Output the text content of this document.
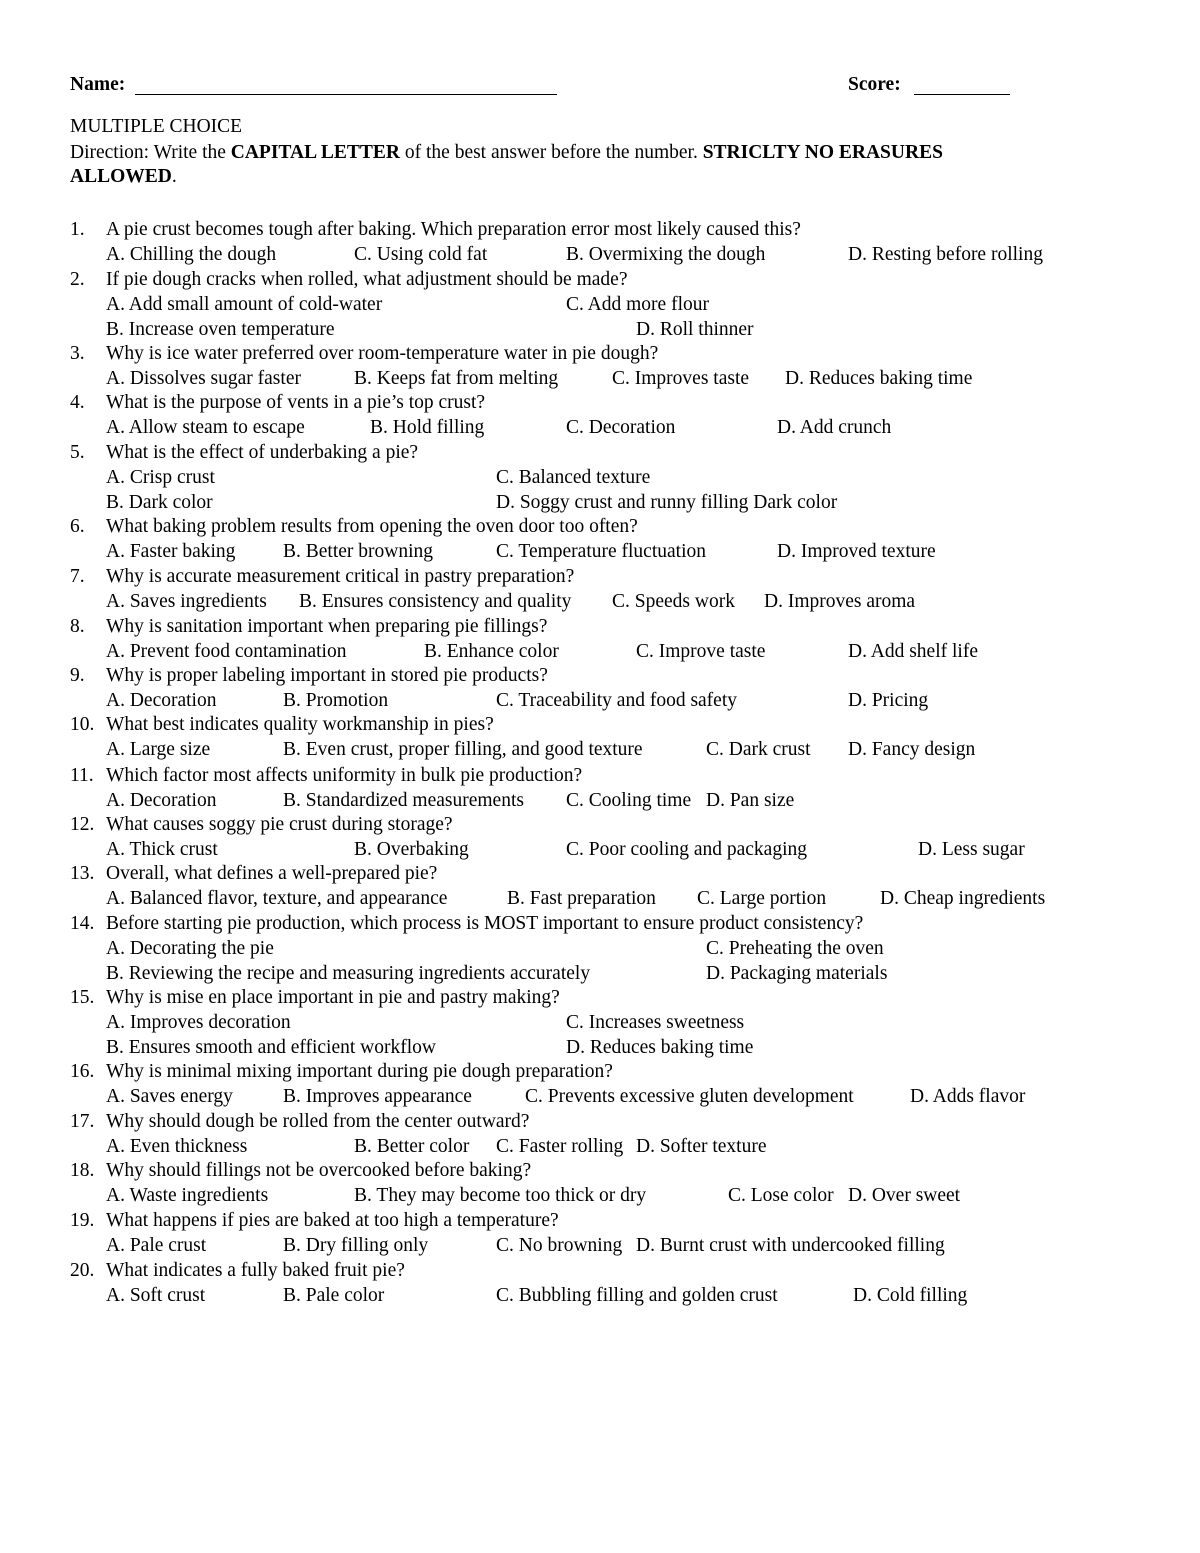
Name:	Score:
MULTIPLE CHOICE
Direction: Write the CAPITAL LETTER of the best answer before the number. STRICLTY NO ERASURES
ALLOWED.
1. A pie crust becomes tough after baking. Which preparation error most likely caused this?
A. Chilling the dough	C. Using cold fat	B. Overmixing the dough	D. Resting before rolling
2. If pie dough cracks when rolled, what adjustment should be made?
A. Add small amount of cold-water	C. Add more flour
B. Increase oven temperature	D. Roll thinner
3. Why is ice water preferred over room-temperature water in pie dough?
A. Dissolves sugar faster	B. Keeps fat from melting	C. Improves taste D. Reduces baking time
4. What is the purpose of vents in a pie’s top crust?
A. Allow steam to escape	B. Hold filling	C. Decoration	D. Add crunch
5. What is the effect of underbaking a pie?
A. Crisp crust	C. Balanced texture
B. Dark color	D. Soggy crust and runny filling Dark color
6. What baking problem results from opening the oven door too often?
A. Faster baking B. Better browning	C. Temperature fluctuation	D. Improved texture
7. Why is accurate measurement critical in pastry preparation?
A. Saves ingredients B. Ensures consistency and quality C. Speeds work D. Improves aroma
8. Why is sanitation important when preparing pie fillings?
A. Prevent food contamination	B. Enhance color	C. Improve taste	D. Add shelf life
9. Why is proper labeling important in stored pie products?
A. Decoration	B. Promotion	C. Traceability and food safety	D. Pricing
10. What best indicates quality workmanship in pies?
A. Large size	B. Even crust, proper filling, and good texture	C. Dark crust D. Fancy design
11. Which factor most affects uniformity in bulk pie production?
A. Decoration	B. Standardized measurements C. Cooling time D. Pan size
12. What causes soggy pie crust during storage?
A. Thick crust	B. Overbaking	C. Poor cooling and packaging	D. Less sugar
13. Overall, what defines a well-prepared pie?
A. Balanced flavor, texture, and appearance	B. Fast preparation C. Large portion	D. Cheap ingredients
14. Before starting pie production, which process is MOST important to ensure product consistency?
A. Decorating the pie	C. Preheating the oven
B. Reviewing the recipe and measuring ingredients accurately	D. Packaging materials
15. Why is mise en place important in pie and pastry making?
A. Improves decoration	C. Increases sweetness
B. Ensures smooth and efficient workflow	D. Reduces baking time
16. Why is minimal mixing important during pie dough preparation?
A. Saves energy	B. Improves appearance	C. Prevents excessive gluten development	D. Adds flavor
17. Why should dough be rolled from the center outward?
A. Even thickness	B. Better color C. Faster rolling D. Softer texture
18. Why should fillings not be overcooked before baking?
A. Waste ingredients	B. They may become too thick or dry	C. Lose color D. Over sweet
19. What happens if pies are baked at too high a temperature?
A. Pale crust	B. Dry filling only	C. No browning D. Burnt crust with undercooked filling
20. What indicates a fully baked fruit pie?
A. Soft crust	B. Pale color	C. Bubbling filling and golden crust	D. Cold filling
